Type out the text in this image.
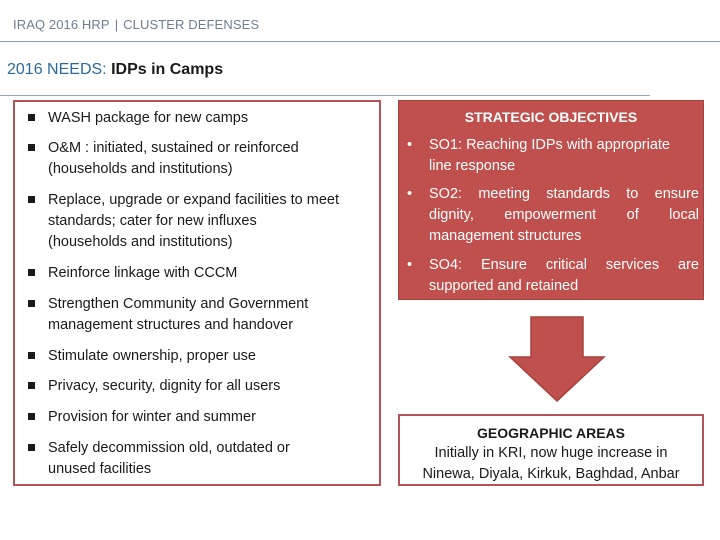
IRAQ 2016 HRP | CLUSTER DEFENSES
2016 NEEDS: IDPs in Camps
WASH package for new camps
O&M : initiated, sustained or reinforced
(households and institutions)
Replace, upgrade or expand facilities to meet
standards; cater for new influxes
(households and institutions)
Reinforce linkage with CCCM
Strengthen Community and Government
management structures and handover
Stimulate ownership, proper use
Privacy, security, dignity for all users
Provision for winter and summer
Safely decommission old, outdated or
unused facilities
STRATEGIC OBJECTIVES
• SO1: Reaching IDPs with appropriate
line response
• SO2: meeting standards to ensure
dignity, empowerment of local
management structures
• SO4: Ensure critical services are
supported and retained
GEOGRAPHIC AREAS
Initially in KRI, now huge increase in
Ninewa, Diyala, Kirkuk, Baghdad, Anbar
